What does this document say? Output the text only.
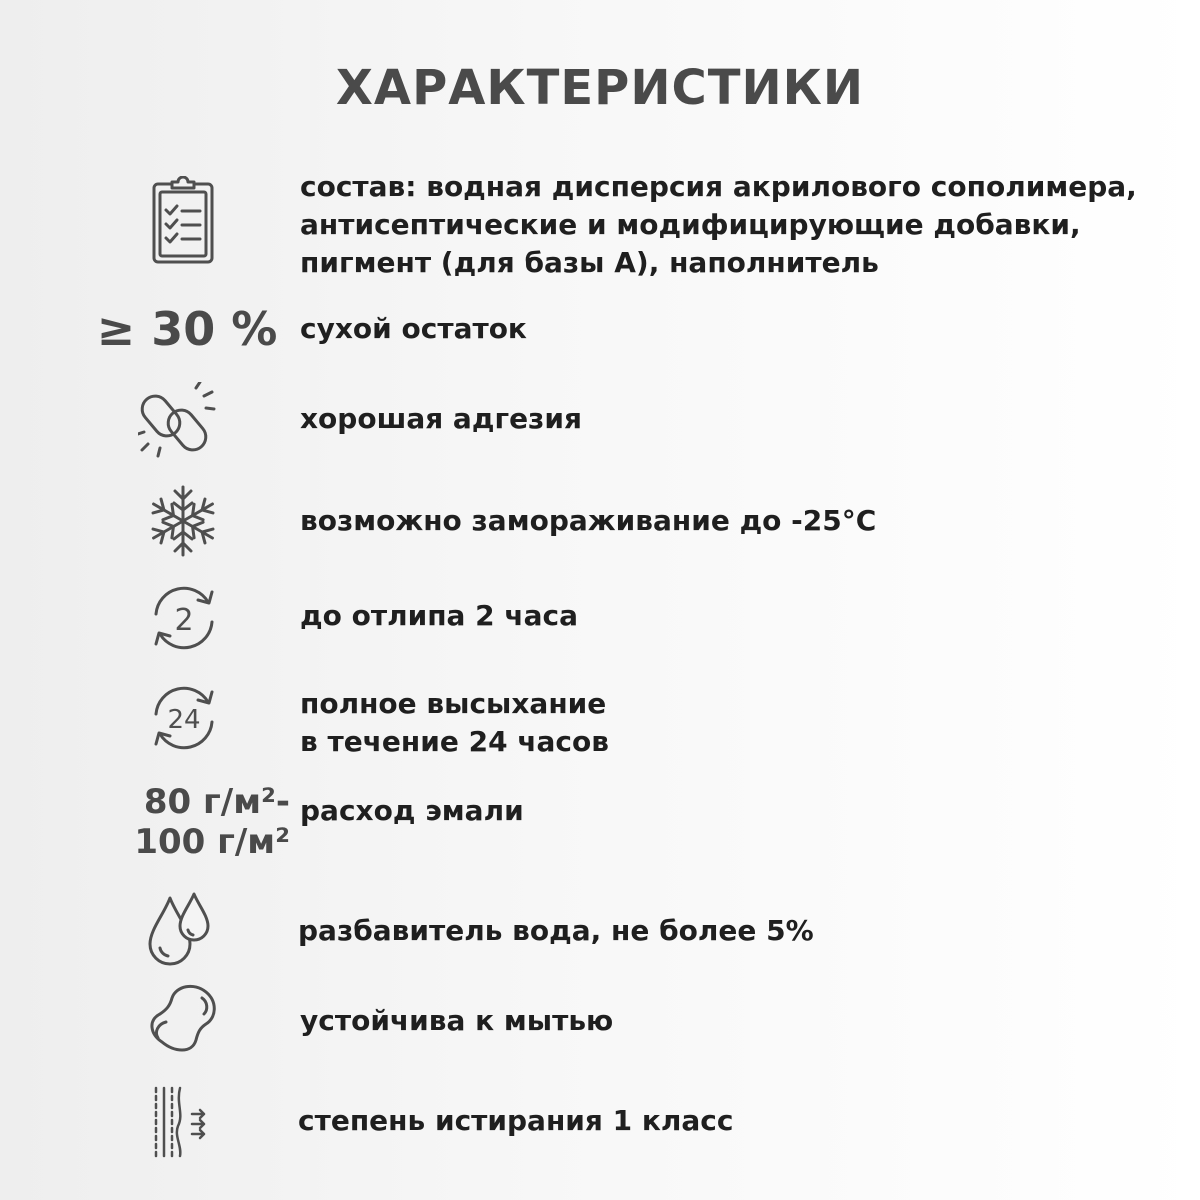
ХАРАКТЕРИСТИКИ
состав: водная дисперсия акрилового сополимера,
антисептические и модифицирующие добавки,
пигмент (для базы А), наполнитель
≥ 30 % сухой остаток
хорошая адгезия
возможно замораживание до -25°С
2	до отлипа 2 часа
24	полное высыхание
в течение 24 часов
80 г/м²-
100 г/м²
расход эмали
разбавитель вода, не более 5%
устойчива к мытью
степень истирания 1 класс
